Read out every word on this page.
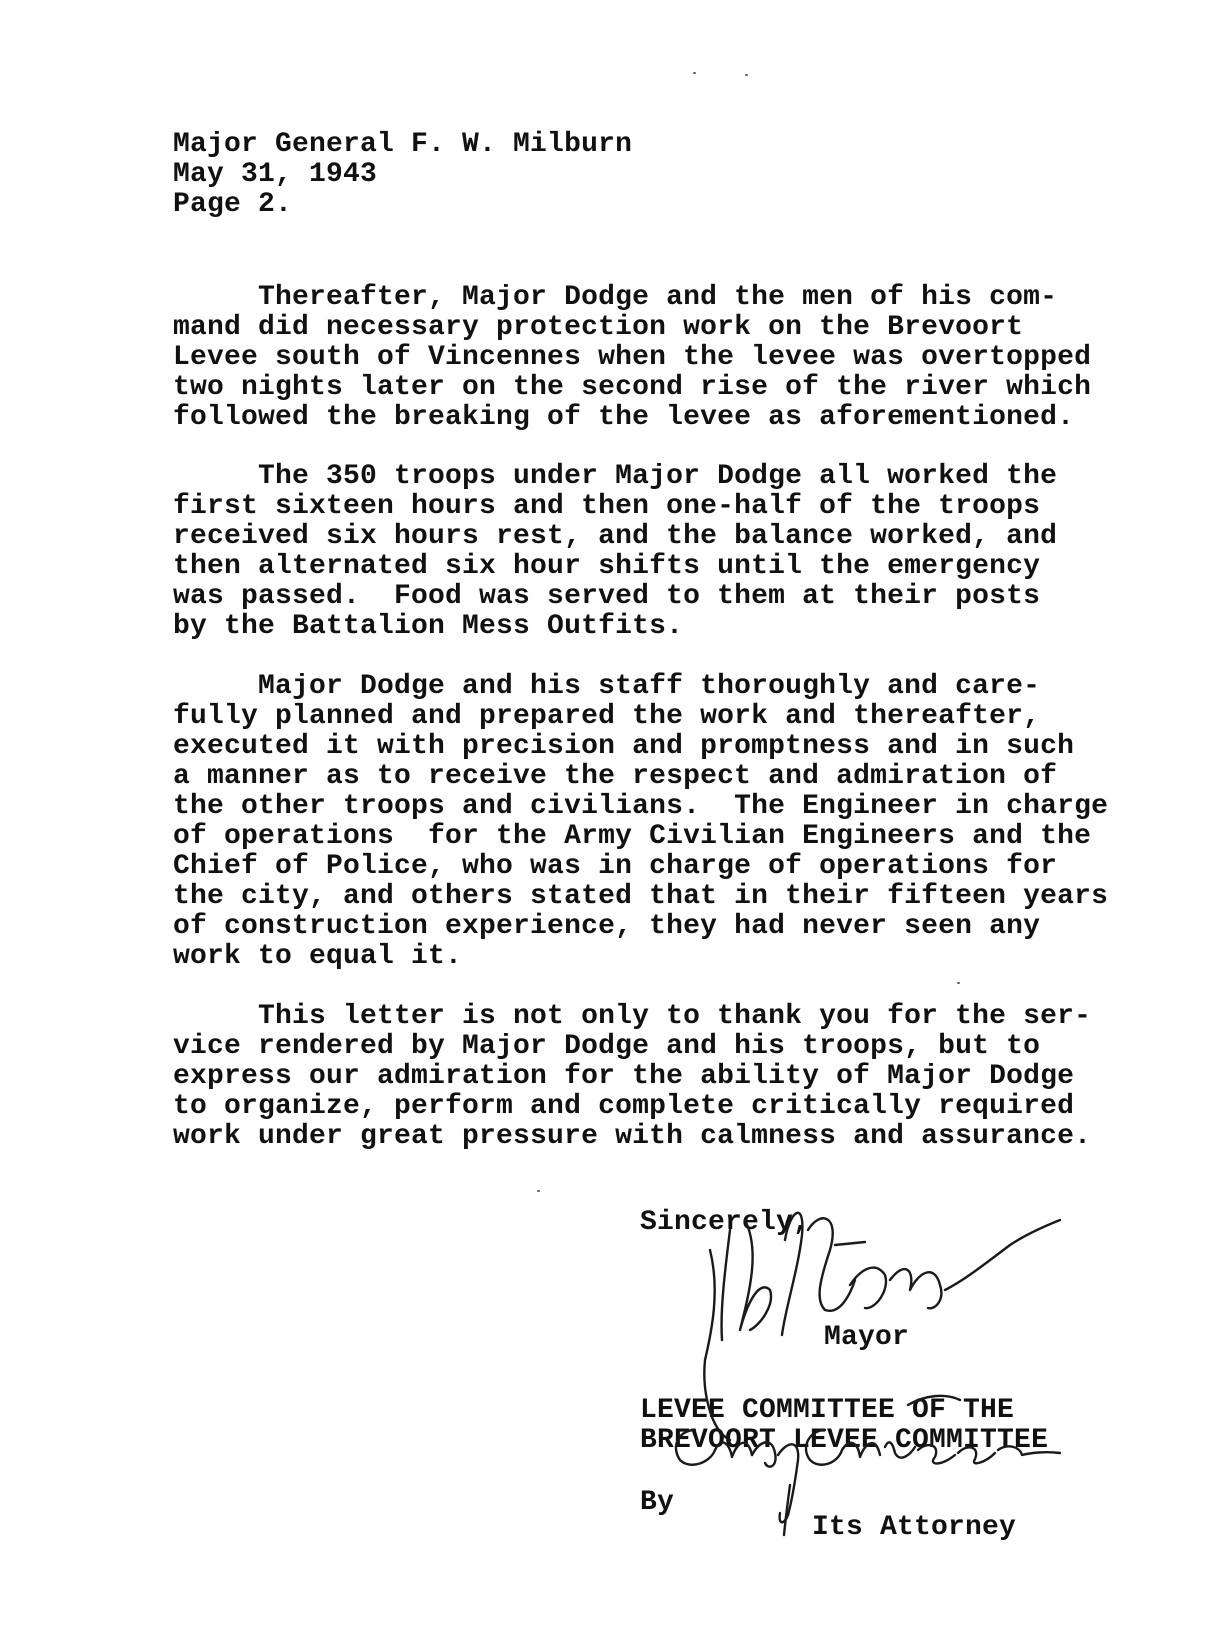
Major General F. W. Milburn
May 31, 1943
Page 2.
Thereafter, Major Dodge and the men of his com-
mand did necessary protection work on the Brevoort
Levee south of Vincennes when the levee was overtopped
two nights later on the second rise of the river which
followed the breaking of the levee as aforementioned.
The 350 troops under Major Dodge all worked the
first sixteen hours and then one-half of the troops
received six hours rest, and the balance worked, and
then alternated six hour shifts until the emergency
was passed.  Food was served to them at their posts
by the Battalion Mess Outfits.
Major Dodge and his staff thoroughly and care-
fully planned and prepared the work and thereafter,
executed it with precision and promptness and in such
a manner as to receive the respect and admiration of
the other troops and civilians.  The Engineer in charge
of operations  for the Army Civilian Engineers and the
Chief of Police, who was in charge of operations for
the city, and others stated that in their fifteen years
of construction experience, they had never seen any
work to equal it.
This letter is not only to thank you for the ser-
vice rendered by Major Dodge and his troops, but to
express our admiration for the ability of Major Dodge
to organize, perform and complete critically required
work under great pressure with calmness and assurance.
Sincerely,
Mayor
LEVEE COMMITTEE OF THE
BREVOORT LEVEE COMMITTEE
By
Its Attorney
